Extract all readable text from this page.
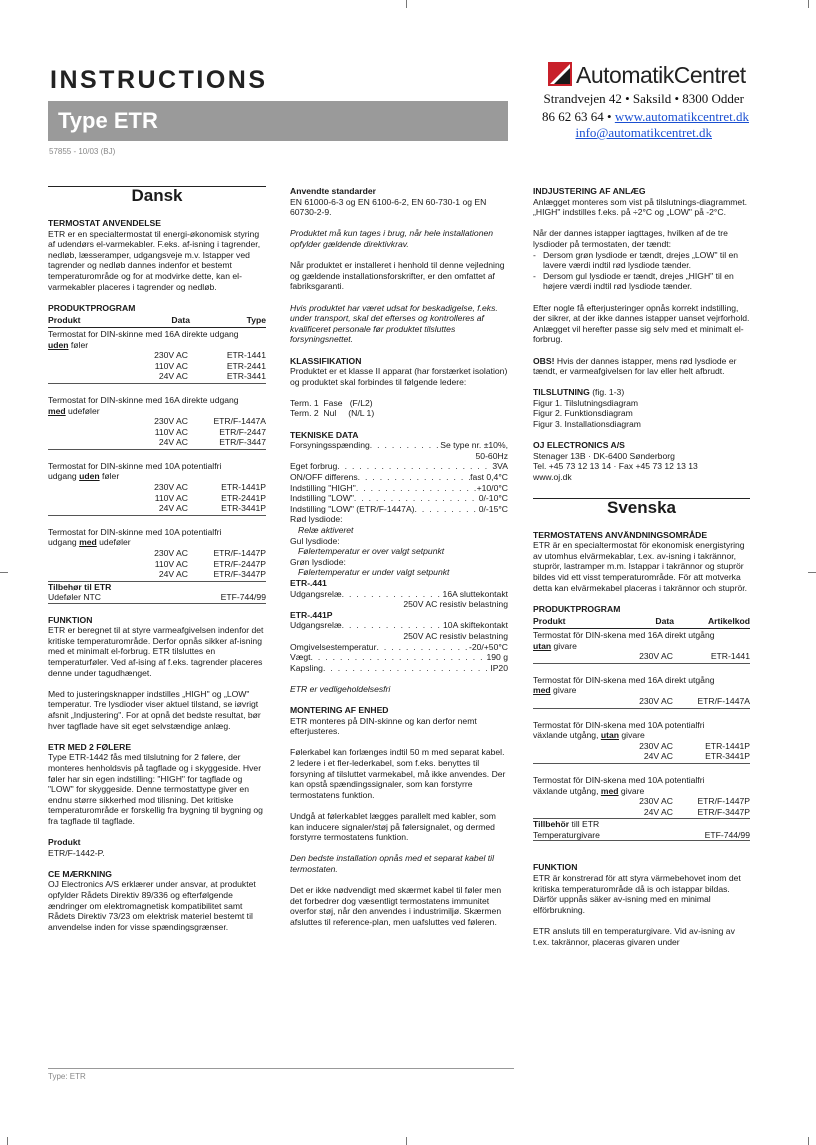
INSTRUCTIONS
Type ETR
57855 - 10/03 (BJ)
AutomatikCentret
Strandvejen 42 • Saksild • 8300 Odder
86 62 63 64 • www.automatikcentret.dk
info@automatikcentret.dk
Dansk
TERMOSTAT ANVENDELSE
ETR er en specialtermostat til energi-økonomisk styring af udendørs el-varmekabler. F.eks. af-isning i tagrender, nedløb, læsseramper, udgangsveje m.v. Istapper ved tagrender og nedløb dannes indenfor et bestemt temperaturområde og for at modvirke dette, kan el-varmekabler placeres i tagrender og nedløb.
PRODUKTPROGRAM
Produkt	Data	Type
Termostat for DIN-skinne med 16A direkte udgang
uden føler
230V AC	ETR-1441
110V AC	ETR-2441
24V AC	ETR-3441
Termostat for DIN-skinne med 16A direkte udgang
med udeføler
230V AC	ETR/F-1447A
110V AC	ETR/F-2447
24V AC	ETR/F-3447
Termostat for DIN-skinne med 10A potentialfri
udgang uden føler
230V AC	ETR-1441P
110V AC	ETR-2441P
24V AC	ETR-3441P
Termostat for DIN-skinne med 10A potentialfri
udgang med udeføler
230V AC	ETR/F-1447P
110V AC	ETR/F-2447P
24V AC	ETR/F-3447P
Tilbehør til ETR
Udeføler NTC	ETF-744/99
FUNKTION
ETR er beregnet til at styre varmeafgivelsen indenfor det kritiske temperaturområde. Derfor opnås sikker af-isning med et minimalt el-forbrug. ETR tilsluttes en temperaturføler. Ved af-ising af f.eks. tagrender placeres denne under tagudhænget.
Med to justeringsknapper indstilles „HIGH" og „LOW" temperatur. Tre lysdioder viser aktuel tilstand, se iøvrigt afsnit „Indjustering". For at opnå det bedste resultat, bør hver tagflade have sit eget selvstændige anlæg.
ETR MED 2 FØLERE
Type ETR-1442 fås med tilslutning for 2 følere, der monteres henholdsvis på tagflade og i skyggeside. Hver føler har sin egen indstilling: "HIGH" for tagflade og "LOW" for skyggeside. Denne termostattype giver en endnu større sikkerhed mod tilisning. Det kritiske temperaturområde er forskellig fra bygning til bygning og fra tagflade til tagflade.
Produkt
ETR/F-1442-P.
CE MÆRKNING
OJ Electronics A/S erklærer under ansvar, at produktet opfylder Rådets Direktiv 89/336 og efterfølgende ændringer om elektromagnetisk kompatibilitet samt Rådets Direktiv 73/23 om elektrisk materiel bestemt til anvendelse inden for visse spændingsgrænser.
Anvendte standarder
EN 61000-6-3 og EN 6100-6-2, EN 60-730-1 og EN 60730-2-9.
Produktet må kun tages i brug, når hele installationen opfylder gældende direktivkrav.
Når produktet er installeret i henhold til denne vejledning og gældende installationsforskrifter, er den omfattet af fabriksgaranti.
Hvis produktet har været udsat for beskadigelse, f.eks. under transport, skal det efterses og kontrolleres af kvalificeret personale før produktet tilsluttes forsyningsnettet.
KLASSIFIKATION
Produktet er et klasse II apparat (har forstærket isolation) og produktet skal forbindes til følgende ledere:
Term. 1  Fase   (F/L2)
Term. 2  Nul     (N/L 1)
TEKNISKE DATA
Forsyningsspænding . . .	Se type nr. ±10%,
50-60Hz
Eget forbrug . . .	3VA
ON/OFF differens . . .	fast 0,4°C
Indstilling "HIGH" . . .	+10/0°C
Indstilling "LOW" . . .	0/-10°C
Indstilling "LOW" (ETR/F-1447A) . . .	0/-15°C
Rød lysdiode:
Relæ aktiveret
Gul lysdiode:
Følertemperatur er over valgt setpunkt
Grøn lysdiode:
Følertemperatur er under valgt setpunkt
ETR-.441
Udgangsrelæ . . .	16A sluttekontakt
250V AC resistiv belastning
ETR-.441P
Udgangsrelæ . . .	10A skiftekontakt
250V AC resistiv belastning
Omgivelsestemperatur . . .	-20/+50°C
Vægt . . .	190 g
Kapsling . . .	IP20
ETR er vedligeholdelsesfri
MONTERING AF ENHED
ETR monteres på DIN-skinne og kan derfor nemt efterjusteres.
Følerkabel kan forlænges indtil 50 m med separat kabel. 2 ledere i et fler-lederkabel, som f.eks. benyttes til forsyning af tilsluttet varmekabel, må ikke anvendes. Der kan opstå spændingssignaler, som kan forstyrre termostatens funktion.
Undgå at følerkablet lægges parallelt med kabler, som kan inducere signaler/støj på følersignalet, og dermed forstyrre termostatens funktion.
Den bedste installation opnås med et separat kabel til termostaten.
Det er ikke nødvendigt med skærmet kabel til føler men det forbedrer dog væsentligt termostatens immunitet overfor støj, når den anvendes i industrimiljø. Skærmen afsluttes til reference-plan, men uafsluttes ved føleren.
INDJUSTERING AF ANLÆG
Anlægget monteres som vist på tilslutnings-diagrammet. „HIGH" indstilles f.eks. på ÷2°C og „LOW" på -2°C.
Når der dannes istapper iagttages, hvilken af de tre lysdioder på termostaten, der tændt:
- Dersom grøn lysdiode er tændt, drejes „LOW" til en lavere værdi indtil rød lysdiode tænder.
- Dersom gul lysdiode er tændt, drejes „HIGH" til en højere værdi indtil rød lysdiode tænder.
Efter nogle få efterjusteringer opnås korrekt indstilling, der sikrer, at der ikke dannes istapper uanset vejrforhold. Anlægget vil herefter passe sig selv med et minimalt el-forbrug.
OBS! Hvis der dannes istapper, mens rød lysdiode er tændt, er varmeafgivelsen for lav eller helt afbrudt.
TILSLUTNING (fig. 1-3)
Figur 1. Tilslutningsdiagram
Figur 2. Funktionsdiagram
Figur 3. Installationsdiagram
OJ ELECTRONICS A/S
Stenager 13B · DK-6400 Sønderborg
Tel. +45 73 12 13 14 · Fax +45 73 12 13 13
www.oj.dk
Svenska
TERMOSTATENS ANVÄNDNINGSOMRÅDE
ETR är en specialtermostat för ekonomisk energistyring av utomhus elvärmekablar, t.ex. av-isning i takrännor, stuprör, lastramper m.m. Istappar i takrännor og stuprör bildes vid ett visst temperaturområde. För att motverka detta kan elvärmekabel placeras i takrännor och stuprör.
PRODUKTPROGRAM
Produkt	Data	Artikelkod
Termostat för DIN-skena med 16A direkt utgång
utan givare
230V AC	ETR-1441
Termostat för DIN-skena med 16A direkt utgång
med givare
230V AC	ETR/F-1447A
Termostat för DIN-skena med 10A potentialfri
växlande utgång, utan givare
230V AC	ETR-1441P
24V AC	ETR-3441P
Termostat för DIN-skena med 10A potentialfri
växlande utgång, med givare
230V AC	ETR/F-1447P
24V AC	ETR/F-3447P
Tillbehör till ETR
Temperaturgivare	ETF-744/99
FUNKTION
ETR är konstrerad för att styra värmebehovet inom det kritiska temperaturområde då is och istappar bildas. Därför uppnås säker av-isning med en minimal elförbrukning.
ETR ansluts till en temperaturgivare. Vid av-isning av t.ex. takrännor, placeras givaren under
Type: ETR
